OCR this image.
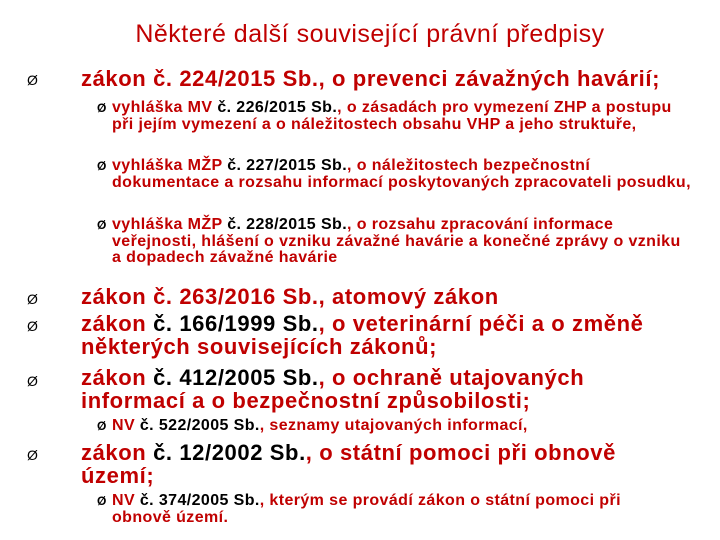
Některé další související právní předpisy
Ø zákon č. 224/2015 Sb., o prevenci závažných havárií;
Ø vyhláška MV č. 226/2015 Sb., o zásadách pro vymezení ZHP a postupu při jejím vymezení a o náležitostech obsahu VHP a jeho struktuře,
Ø vyhláška MŽP č. 227/2015 Sb., o náležitostech bezpečnostní dokumentace a rozsahu informací poskytovaných zpracovateli posudku,
Ø vyhláška MŽP č. 228/2015 Sb., o rozsahu zpracování informace veřejnosti, hlášení o vzniku závažné havárie a konečné zprávy o vzniku a dopadech závažné havárie
Ø zákon č. 263/2016 Sb., atomový zákon
Ø zákon č. 166/1999 Sb., o veterinární péči a o změně některých souvisejících zákonů;
Ø zákon č. 412/2005 Sb., o ochraně utajovaných informací a o bezpečnostní způsobilosti;
Ø NV č. 522/2005 Sb., seznamy utajovaných informací,
Ø zákon č. 12/2002 Sb., o státní pomoci při obnově území;
Ø NV č. 374/2005 Sb., kterým se provádí zákon o státní pomoci při obnově území.
